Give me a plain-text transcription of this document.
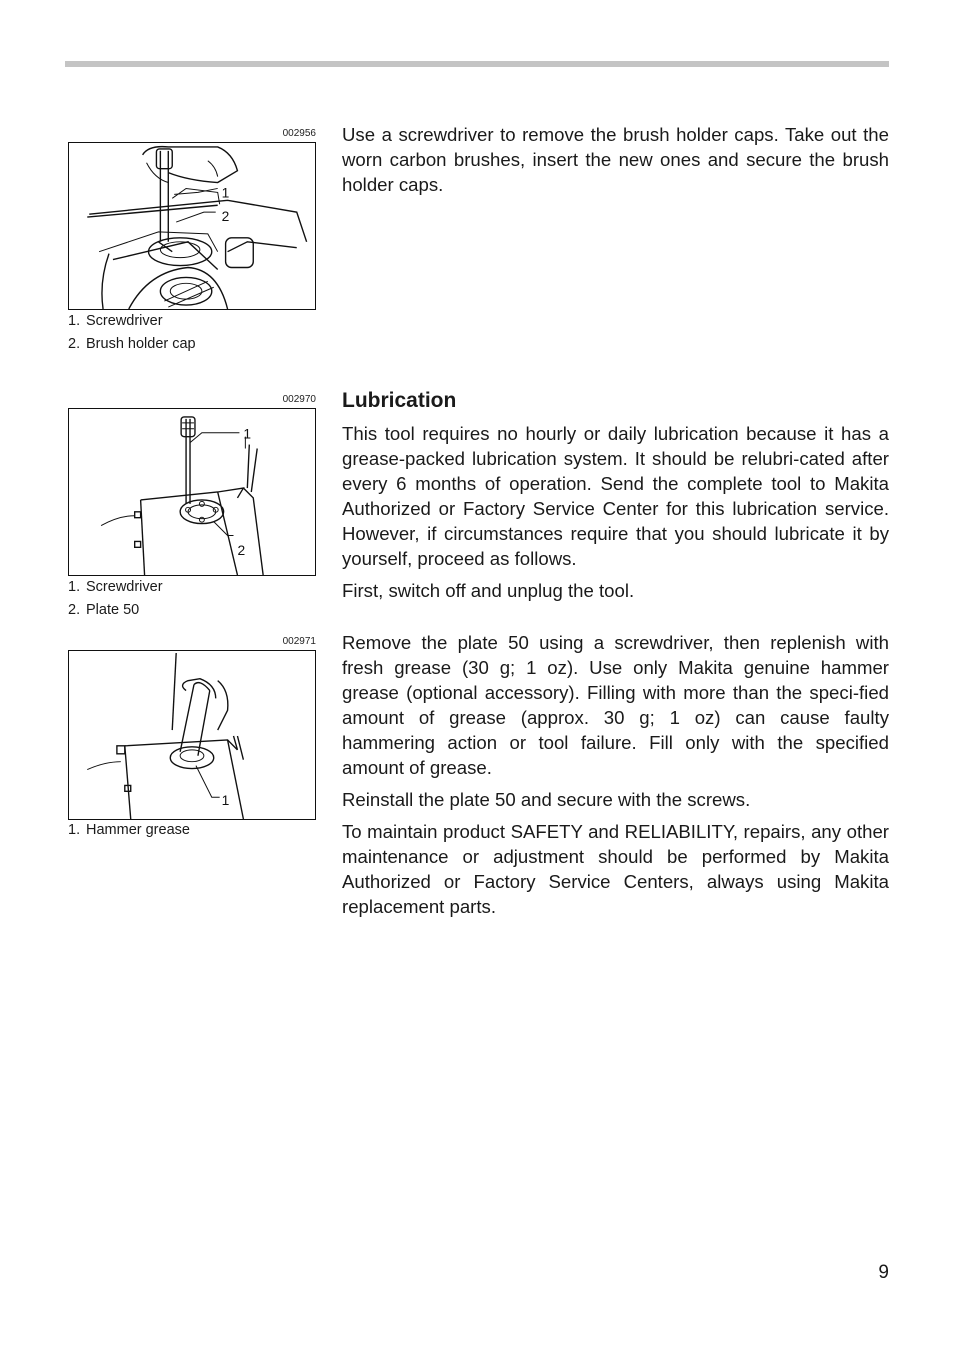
002956
1
2
1. Screwdriver
2. Brush holder cap
002970
1
2
1. Screwdriver
2. Plate 50
002971
1
1. Hammer grease

Use a screwdriver to remove the brush holder caps. Take out the worn carbon brushes, insert the new ones and secure the brush holder caps.

Lubrication

This tool requires no hourly or daily lubrication because it has a grease-packed lubrication system. It should be relubri-cated after every 6 months of operation. Send the complete tool to Makita Authorized or Factory Service Center for this lubrication service. However, if circumstances require that you should lubricate it by yourself, proceed as follows.

First, switch off and unplug the tool.

Remove the plate 50 using a screwdriver, then replenish with fresh grease (30 g; 1 oz). Use only Makita genuine hammer grease (optional accessory). Filling with more than the speci-fied amount of grease (approx. 30 g; 1 oz) can cause faulty hammering action or tool failure. Fill only with the specified amount of grease.

Reinstall the plate 50 and secure with the screws.

To maintain product SAFETY and RELIABILITY, repairs, any other maintenance or adjustment should be performed by Makita Authorized or Factory Service Centers, always using Makita replacement parts.

9
